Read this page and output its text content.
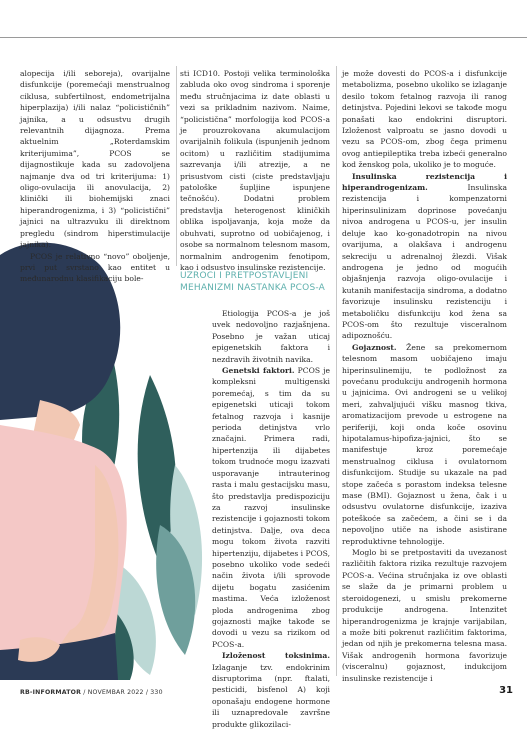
alopecija i/ili seboreja), ovarijalne disfunkcije (poremećaji menstrualnog ciklusa, subfertilnost, endometrijalna hiperplazija) i/ili nalaz “policističnih” jajnika, a u odsustvu drugih relevantnih dijagnoza. Prema aktuelnim „Roterdamskim kriterijumima”, PCOS se dijagnostikuje kada su zadovoljena najmanje dva od tri kriterijuma: 1) oligo-ovulacija ili anovulacija, 2) klinički ili biohemijski znaci hiperandrogenizma, i 3) “policistični” jajnici na ultrazvuku ili direktnom pregledu (sindrom hiperstimulacije jajnika).

PCOS je relativno “novo” oboljenje, prvi put svrstano kao entitet u međunarodnu klasifikaciju bole-

sti ICD10. Postoji velika terminološka zabluda oko ovog sindroma i sporenje među stručnjacima iz date oblasti u vezi sa prikladnim nazivom. Naime, “policistična” morfologija kod PCOS-a je prouzrokovana akumulacijom ovarijalnih folikula (ispunjenih jednom ocitom) u različitim stadijumima sazrevanja i/ili atrezije, a ne prisustvom cisti (ciste predstavljaju patološke šupljine ispunjene tečnošću). Dodatni problem predstavlja heterogenost kliničkih oblika ispoljavanja, koja može da obuhvati, suprotno od uobičajenog, i osobe sa normalnom telesnom masom, normalnim androgenim fenotipom, kao i odsustvo insulinske rezistencije.

UZROCI I PRETPOSTAVLJENI
MEHANIZMI NASTANKA PCOS-A

Etiologija PCOS-a je još uvek nedovoljno razjašnjena. Posebno je važan uticaj epigenetskih faktora i nezdravih životnih navika.

Genetski faktori. PCOS je kompleksni multigenski poremećaj, s tim da su epigenetski uticaji tokom fetalnog razvoja i kasnije perioda detinjstva vrlo značajni. Primera radi, hipertenzija ili dijabetes tokom trudnoće mogu izazvati usporavanje intrauterinog rasta i malu gestacijsku masu, što predstavlja predispoziciju za razvoj insulinske rezistencije i gojaznosti tokom detinjstva. Dalje, ova deca mogu tokom života razviti hipertenziju, dijabetes i PCOS, posebno ukoliko vode sedeći način života i/ili sprovode dijetu bogatu zasićenim mastima. Većа izloženost ploda androgenima zbog gojaznosti majke takođe se dovodi u vezu sa rizikom od PCOS-a.

Izloženost toksinima. Izlaganje tzv. endokrinim disruptorima (npr. ftalati, pesticidi, bisfenol A) koji oponašaju endogene hormone ili uznapredovale završne produkte glikozilaci-

je može dovesti do PCOS-a i disfunkcije metabolizma, posebno ukoliko se izlaganje desilo tokom fetalnog razvoja ili ranog detinjstva. Pojedini lekovi se takođe mogu ponašati kao endokrini disruptori. Izloženost valproatu se jasno dovodi u vezu sa PCOS-om, zbog čega primenu ovog antiepileptika treba izbeći generalno kod ženskog pola, ukoliko je to moguće.

Insulinska rezistencija i hiperandrogenizam. Insulinska rezistencija i kompenzatorni hiperinsulinizam doprinose povećanju nivoa androgena u PCOS-u, jer insulin deluje kao ko-gonadotropin na nivou ovarijuma, a olakšava i androgenu sekreciju u adrenalnoj žlezdi. Višak androgena je jedno od mogućih objašnjenja razvoja oligo-ovulacije i kutanih manifestacija sindroma, a dodatno favorizuje insulinsku rezistenciju i metaboličku disfunkciju kod žena sa PCOS-om što rezultuje visceralnom adipoznošću.

Gojaznost. Žene sa prekomernom telesnom masom uobičajeno imaju hiperinsulinemiju, te podložnost za povećanu produkciju androgenih hormona u jajnicima. Ovi androgeni se u velikoj meri, zahvaljujući višku masnog tkiva, aromatizacijom prevode u estrogene na periferiji, koji onda kočе osovinu hipotalamus-hipofiza-jajnici, što se manifestuje kroz poremećaje menstrualnog ciklusa i ovulatornom disfunkcijom. Studije su ukazale na pad stope začeća s porastom indeksa telesne mase (BMI). Gojaznost u žena, čak i u odsustvu ovulatorne disfunkcije, izaziva poteškoće sa začećem, a čini se i da nepovoljno utiče na ishode asistirane reproduktivne tehnologije.

Moglo bi se pretpostaviti da uvezanost različitih faktora rizika rezultuje razvojem PCOS-a. Većina stručnjaka iz ove oblasti se slaže da je primarni problem u steroidogenezi, u smislu prekomerne produkcije androgena. Intenzitet hiperandrogenizma je krajnje varijabilan, a može biti pokrenut različitim faktorima, jedan od njih je prekomerna telesna masa. Višak androgenih hormona favorizuje (visceralnu) gojaznost, indukcijom insulinske rezistencije i

RB-INFORMATOR / NOVEMBAR 2022 / 330	31
